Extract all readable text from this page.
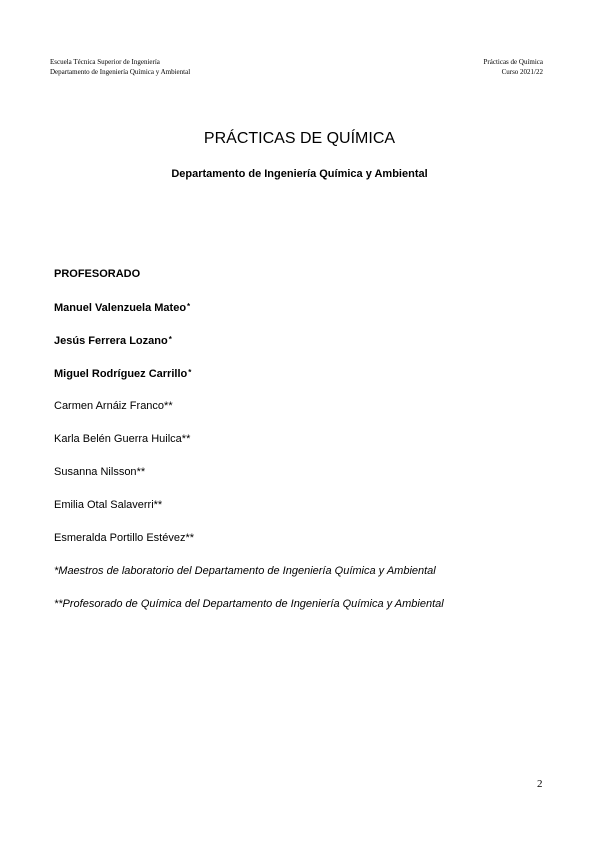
Escuela Técnica Superior de Ingeniería
Departamento de Ingeniería Química y Ambiental
Prácticas de Química
Curso 2021/22
PRÁCTICAS DE QUÍMICA
Departamento de Ingeniería Química y Ambiental
PROFESORADO
Manuel Valenzuela Mateo*
Jesús Ferrera Lozano*
Miguel Rodríguez Carrillo*
Carmen Arnáiz Franco**
Karla Belén Guerra Huilca**
Susanna Nilsson**
Emilia Otal Salaverri**
Esmeralda Portillo Estévez**
*Maestros de laboratorio del Departamento de Ingeniería Química y Ambiental
**Profesorado de Química del Departamento de Ingeniería Química y Ambiental
2
